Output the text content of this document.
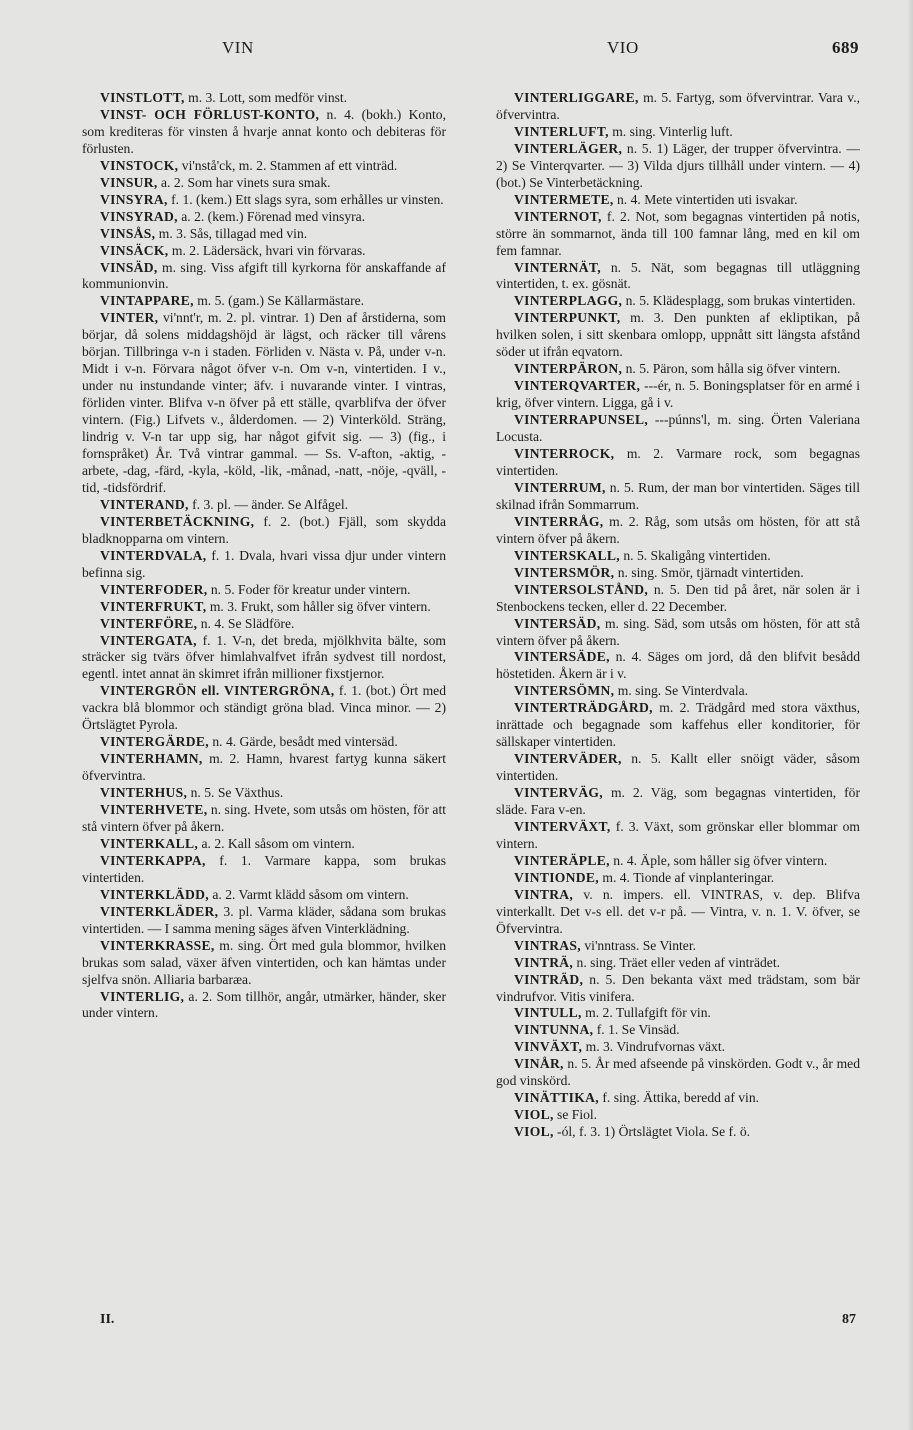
VIN	VIO	689

VINSTLOTT, m. 3. Lott, som medför vinst.

VINST- OCH FÖRLUST-KONTO, n. 4. (bokh.) Konto, som krediteras för vinsten å hvarje annat konto och debiteras för förlusten.

VINSTOCK, vi'nstå'ck, m. 2. Stammen af ett vinträd.

VINSUR, a. 2. Som har vinets sura smak.

VINSYRA, f. 1. (kem.) Ett slags syra, som erhålles ur vinsten.

VINSYRAD, a. 2. (kem.) Förenad med vinsyra.

VINSÅS, m. 3. Sås, tillagad med vin.

VINSÄCK, m. 2. Lädersäck, hvari vin förvaras.

VINSÄD, m. sing. Viss afgift till kyrkorna för anskaffande af kommunionvin.

VINTAPPARE, m. 5. (gam.) Se Källarmästare.

VINTER, vi'nnt'r, m. 2. pl. vintrar. 1) Den af årstiderna, som börjar, då solens middagshöjd är lägst, och räcker till vårens början. Tillbringa v-n i staden. Förliden v. Nästa v. På, under v-n. Midt i v-n. Förvara något öfver v-n. Om v-n, vintertiden. I v., under nu instundande vinter; äfv. i nuvarande vinter. I vintras, förliden vinter. Blifva v-n öfver på ett ställe, qvarblifva der öfver vintern. (Fig.) Lifvets v., ålderdomen. — 2) Vinterköld. Sträng, lindrig v. V-n tar upp sig, har något gifvit sig. — 3) (fig., i fornspråket) År. Två vintrar gammal. — Ss. V-afton, -aktig, -arbete, -dag, -färd, -kyla, -köld, -lik, -månad, -natt, -nöje, -qväll, -tid, -tidsfördrif.

VINTERAND, f. 3. pl. — änder. Se Alfågel.

VINTERBETÄCKNING, f. 2. (bot.) Fjäll, som skydda bladknopparna om vintern.

VINTERDVALA, f. 1. Dvala, hvari vissa djur under vintern befinna sig.

VINTERFODER, n. 5. Foder för kreatur under vintern.

VINTERFRUKT, m. 3. Frukt, som håller sig öfver vintern.

VINTERFÖRE, n. 4. Se Slädföre.

VINTERGATA, f. 1. V-n, det breda, mjölkhvita bälte, som sträcker sig tvärs öfver himlahvalfvet ifrån sydvest till nordost, egentl. intet annat än skimret ifrån millioner fixstjernor.

VINTERGRÖN ell. VINTERGRÖNA, f. 1. (bot.) Ört med vackra blå blommor och ständigt gröna blad. Vinca minor. — 2) Örtslägtet Pyrola.

VINTERGÄRDE, n. 4. Gärde, besådt med vintersäd.

VINTERHAMN, m. 2. Hamn, hvarest fartyg kunna säkert öfvervintra.

VINTERHUS, n. 5. Se Växthus.

VINTERHVETE, n. sing. Hvete, som utsås om hösten, för att stå vintern öfver på åkern.

VINTERKALL, a. 2. Kall såsom om vintern.

VINTERKAPPA, f. 1. Varmare kappa, som brukas vintertiden.

VINTERKLÄDD, a. 2. Varmt klädd såsom om vintern.

VINTERKLÄDER, 3. pl. Varma kläder, sådana som brukas vintertiden. — I samma mening säges äfven Vinterklädning.

VINTERKRASSE, m. sing. Ört med gula blommor, hvilken brukas som salad, växer äfven vintertiden, och kan hämtas under sjelfva snön. Alliaria barbaræa.

VINTERLIG, a. 2. Som tillhör, angår, utmärker, händer, sker under vintern.

VINTERLIGGARE, m. 5. Fartyg, som öfvervintrar. Vara v., öfvervintra.

VINTERLUFT, m. sing. Vinterlig luft.

VINTERLÄGER, n. 5. 1) Läger, der trupper öfvervintra. — 2) Se Vinterqvarter. — 3) Vilda djurs tillhåll under vintern. — 4) (bot.) Se Vinterbetäckning.

VINTERMETE, n. 4. Mete vintertiden uti isvakar.

VINTERNOT, f. 2. Not, som begagnas vintertiden på notis, större än sommarnot, ända till 100 famnar lång, med en kil om fem famnar.

VINTERNÄT, n. 5. Nät, som begagnas till utläggning vintertiden, t. ex. gösnät.

VINTERPLAGG, n. 5. Klädesplagg, som brukas vintertiden.

VINTERPUNKT, m. 3. Den punkten af ekliptikan, på hvilken solen, i sitt skenbara omlopp, uppnått sitt längsta afstånd söder ut ifrån eqvatorn.

VINTERPÄRON, n. 5. Päron, som hålla sig öfver vintern.

VINTERQVARTER, ---ér, n. 5. Boningsplatser för en armé i krig, öfver vintern. Ligga, gå i v.

VINTERRAPUNSEL, ---púnns'l, m. sing. Örten Valeriana Locusta.

VINTERROCK, m. 2. Varmare rock, som begagnas vintertiden.

VINTERRUM, n. 5. Rum, der man bor vintertiden. Säges till skilnad ifrån Sommarrum.

VINTERRÅG, m. 2. Råg, som utsås om hösten, för att stå vintern öfver på åkern.

VINTERSKALL, n. 5. Skaligång vintertiden.

VINTERSMÖR, n. sing. Smör, tjärnadt vintertiden.

VINTERSOLSTÅND, n. 5. Den tid på året, när solen är i Stenbockens tecken, eller d. 22 December.

VINTERSÄD, m. sing. Säd, som utsås om hösten, för att stå vintern öfver på åkern.

VINTERSÄDE, n. 4. Säges om jord, då den blifvit besådd höstetiden. Åkern är i v.

VINTERSÖMN, m. sing. Se Vinterdvala.

VINTERTRÄDGÅRD, m. 2. Trädgård med stora växthus, inrättade och begagnade som kaffehus eller konditorier, för sällskaper vintertiden.

VINTERVÄDER, n. 5. Kallt eller snöigt väder, såsom vintertiden.

VINTERVÄG, m. 2. Väg, som begagnas vintertiden, för släde. Fara v-en.

VINTERVÄXT, f. 3. Växt, som grönskar eller blommar om vintern.

VINTERÄPLE, n. 4. Äple, som håller sig öfver vintern.

VINTIONDE, m. 4. Tionde af vinplanteringar.

VINTRA, v. n. impers. ell. VINTRAS, v. dep. Blifva vinterkallt. Det v-s ell. det v-r på. — Vintra, v. n. 1. V. öfver, se Öfvervintra.

VINTRAS, vi'nntrass. Se Vinter.

VINTRÄ, n. sing. Träet eller veden af vinträdet.

VINTRÄD, n. 5. Den bekanta växt med trädstam, som bär vindrufvor. Vitis vinifera.

VINTULL, m. 2. Tullafgift för vin.

VINTUNNA, f. 1. Se Vinsäd.

VINVÄXT, m. 3. Vindrufvornas växt.

VINÅR, n. 5. År med afseende på vinskörden. Godt v., år med god vinskörd.

VINÄTTIKA, f. sing. Ättika, beredd af vin.

VIOL, se Fiol.

VIOL, -ól, f. 3. 1) Örtslägtet Viola. Se f. ö.

II.	87
